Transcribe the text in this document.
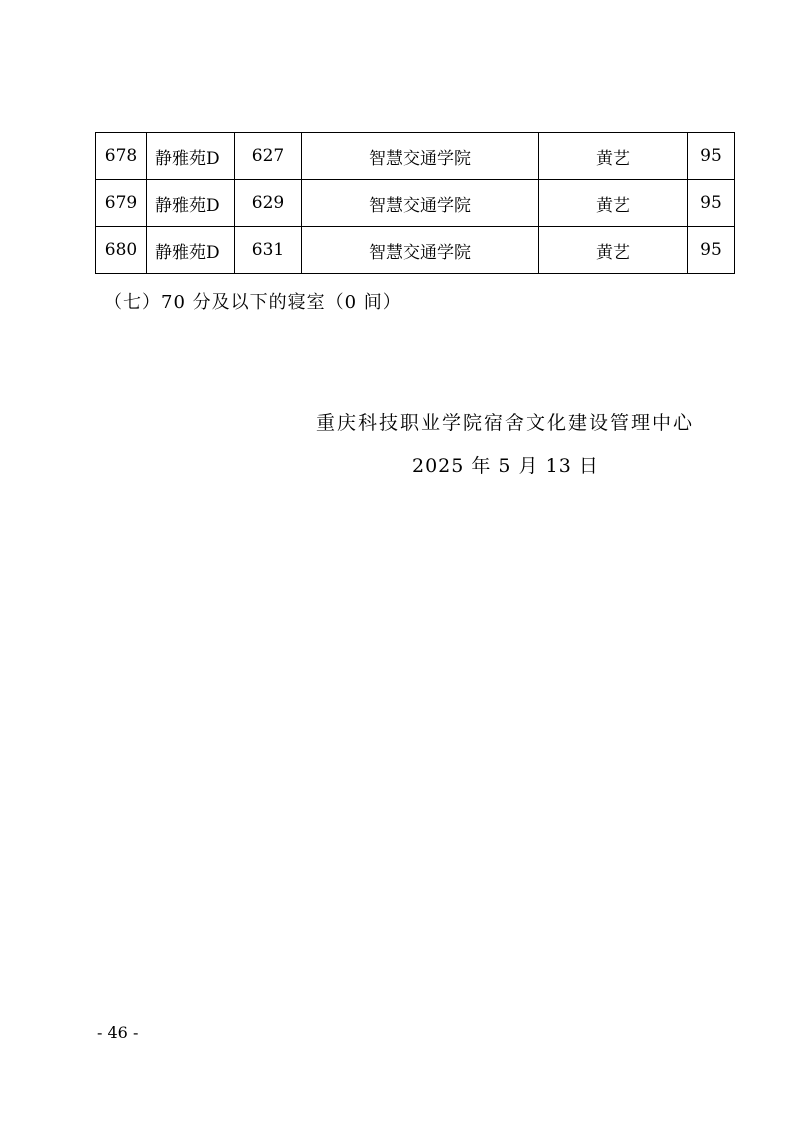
678	静雅苑D	627	智慧交通学院	黄艺	95
679	静雅苑D	629	智慧交通学院	黄艺	95
680	静雅苑D	631	智慧交通学院	黄艺	95
（七）70 分及以下的寝室（0 间）
重庆科技职业学院宿舍文化建设管理中心
2025 年 5 月 13 日
- 46 -
